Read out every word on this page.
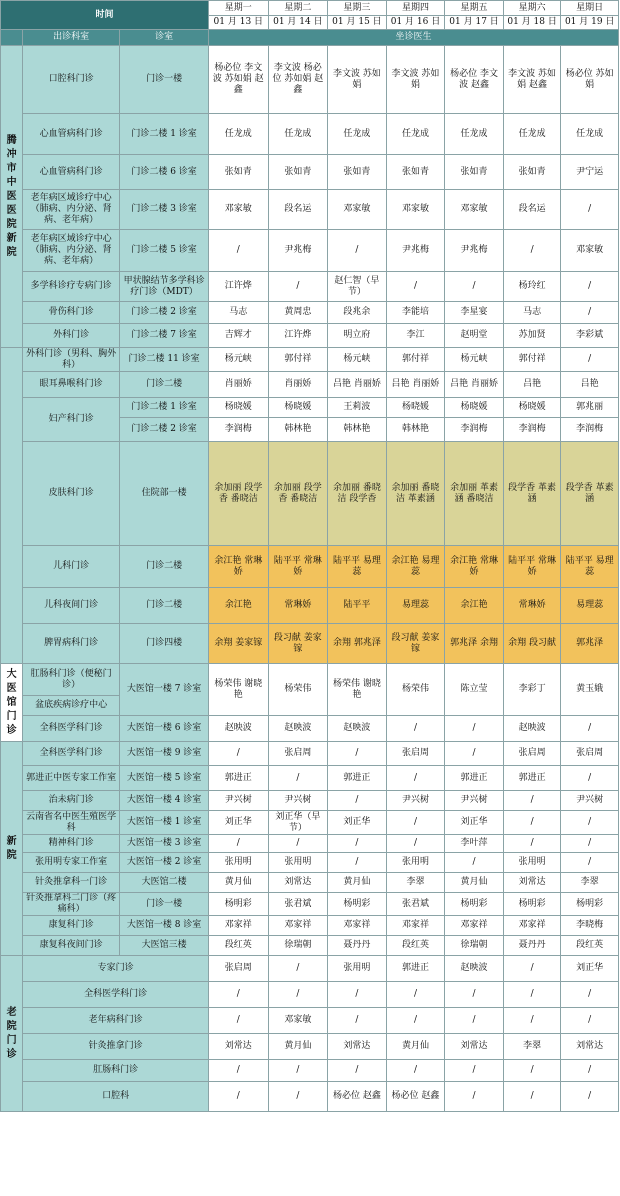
时间			星期一	星期二	星期三	星期四	星期五	星期六	星期日
			01 月 13 日	01 月 14 日	01 月 15 日	01 月 16 日	01 月 17 日	01 月 18 日	01 月 19 日
	出诊科室	诊室	坐诊医生						
腾冲市中医医院新院	口腔科门诊	门诊一楼	杨必位 李文波 苏如娟 赵鑫	李文波 杨必位 苏如娟 赵鑫	李文波 苏如娟	李文波 苏如娟	杨必位 李文波 赵鑫	李文波 苏如娟 赵鑫	杨必位 苏如娟
	心血管病科门诊	门诊二楼 1 诊室	任龙成	任龙成	任龙成	任龙成	任龙成	任龙成	任龙成
	心血管病科门诊	门诊二楼 6 诊室	张如青	张如青	张如青	张如青	张如青	张如青	尹宁运
	老年病区域诊疗中心（肺病、内分泌、肾病、老年病）	门诊二楼 3 诊室	邓家敏	段名运	邓家敏	邓家敏	邓家敏	段名运	/
	老年病区域诊疗中心（肺病、内分泌、肾病、老年病）	门诊二楼 5 诊室	/	尹兆梅	/	尹兆梅	尹兆梅	/	邓家敏
	多学科诊疗专病门诊	甲状腺结节多学科诊疗门诊（MDT）	江许烨	/	赵仁智（早节）	/	/	杨玲红	/
	骨伤科门诊	门诊二楼 2 诊室	马志	黄周忠	段兆余	李能培	李星宴	马志	/
	外科门诊	门诊二楼 7 诊室	吉辉才	江许烨	明立府	李江	赵明堂	苏加贤	李彩斌
	外科门诊（男科、胸外科）	门诊二楼 11 诊室	杨元峡	郭付祥	杨元峡	郭付祥	杨元峡	郭付祥	/
	眼耳鼻喉科门诊	门诊二楼	肖丽娇	肖丽娇	吕艳 肖丽娇	吕艳 肖丽娇	吕艳 肖丽娇	吕艳	吕艳
	妇产科门诊	门诊二楼 1 诊室	杨晓媛	杨晓媛	王莉波	杨晓媛	杨晓媛	杨晓媛	郭兆丽
		门诊二楼 2 诊室	李润梅	韩林艳	韩林艳	韩林艳	李润梅	李润梅	李润梅
	皮肤科门诊	住院部一楼	余加丽 段学香 番晓洁	余加丽 段学香 番晓洁	余加丽 番晓洁 段学香	余加丽 番晓洁 革素涵	余加丽 革素涵 番晓洁	段学香 革素涵	段学香 革素涵
	儿科门诊	门诊二楼	余江艳 常琳娇	陆平平 常琳娇	陆平平 易理蕊	余江艳 易理蕊	余江艳 常琳娇	陆平平 常琳娇	陆平平 易理蕊
	儿科夜间门诊	门诊二楼	余江艳	常琳娇	陆平平	易理蕊	余江艳	常琳娇	易理蕊
	脾胃病科门诊	门诊四楼	余翔 姜家镓	段习献 姜家镓	余翔 郭兆泽	段习献 姜家镓	郭兆泽 余翔	余翔 段习献	郭兆泽
大医馆门诊	肛肠科门诊（便秘门诊）	大医馆一楼 7 诊室	杨荣伟 谢晓艳	杨荣伟	杨荣伟 谢晓艳	杨荣伟	陈立莹	李彩丁	黄玉娥
	盆底疾病诊疗中心								
	全科医学科门诊	大医馆一楼 6 诊室	赵映波	赵映波	赵映波	/	/	赵映波	/
新院	全科医学科门诊	大医馆一楼 9 诊室	/	张启周	/	张启周	/	张启周	张启周
	郭进正中医专家工作室	大医馆一楼 5 诊室	郭进正	/	郭进正	/	郭进正	郭进正	/
	治未病门诊	大医馆一楼 4 诊室	尹兴树	尹兴树	/	尹兴树	尹兴树	/	尹兴树
	云南省名中医生殖医学科	大医馆一楼 1 诊室	刘正华	刘正华（早节）	刘正华	/	刘正华	/	/
	精神科门诊	大医馆一楼 3 诊室	/	/	/	/	李叶萍	/	/
	张用明专家工作室	大医馆一楼 2 诊室	张用明	张用明	/	张用明	/	张用明	/
	针灸推拿科一门诊	大医馆二楼	黄月仙	刘常达	黄月仙	李翠	黄月仙	刘常达	李翠
	针灸推拿科二门诊（疼痛科）	门诊一楼	杨明彩	张君斌	杨明彩	张君斌	杨明彩	杨明彩	杨明彩
	康复科门诊	大医馆一楼 8 诊室	邓家祥	邓家祥	邓家祥	邓家祥	邓家祥	邓家祥	李晓梅
	康复科夜间门诊	大医馆三楼	段红英	徐瑞朝	聂丹丹	段红英	徐瑞朝	聂丹丹	段红英
老院门诊	专家门诊		张启周	/	张用明	郭进正	赵映波	/	刘正华
	全科医学科门诊		/	/	/	/	/	/	/
	老年病科门诊		/	邓家敏	/	/	/	/	/
	针灸推拿门诊		刘常达	黄月仙	刘常达	黄月仙	刘常达	李翠	刘常达
	肛肠科门诊		/	/	/	/	/	/	/
	口腔科		/	/	杨必位 赵鑫	杨必位 赵鑫	/	/	/
